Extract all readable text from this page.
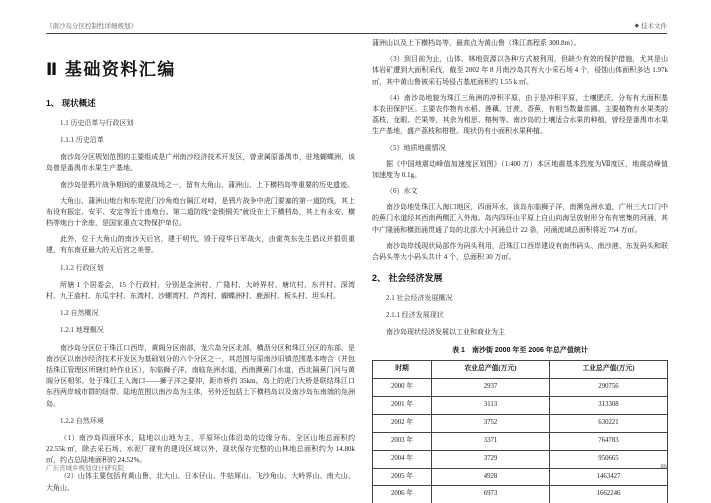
《南沙岛分区控制性详细规划》	◆ 技术文件
Ⅱ 基础资料汇编
1、 现状概述
1.1 历史沿革与行政区划
1.1.1 历史沿革

南沙岛分区规划范围的主要组成是广州南沙经济技术开发区，曾隶属原番禺市，驻地蝴蝶洲，该岛曾是番禺市水果生产基地。

南沙岛是鸦片战争期间的重要战场之一，留有大角山、蒲洲山、上下横档岛等重要的历史遗迹。

大角山、蒲洲山炮台和东莞虎门沙角炮台隔江对峙，是鸦片战争中虎门要塞的第一道防线，其上布设有振定、安平、安定等近十座炮台。第二道防线“金锁铜关”就设在上下横档岛，其上有永安、横档等炮台十余座，是国家重点文物保护单位。

此外，位于大角山的南沙天后宫，建于明代，毁于侵华日军战火，由霍英东先生倡议并捐资重建，有东南亚最大的天后宫之美誉。

1.1.2 行政区划

所辖 1 个居委会，15 个行政村，分别是金洲村、广隆村、大岭界村、塘坑村、东井村、深湾村、九王庙村、东瓜宇村、东湾村、沙螺湾村、芦湾村、蝴蝶洲村、鹿颈村、板头村、坦头村。

1.2 自然概况
1.2.1 地理概况

南沙岛分区位于珠江口西岸，黄阁分区南部，龙穴岛分区北部，横沥分区和珠江分区的东部，是南沙区以南沙经济技术开发区为基础划分的六个分区之一，其范围与原南沙旧镇范围基本吻合（并包括珠江管理区所辖红岭作业区），东临狮子洋，南临凫洲水道，西南濒蕉门水道，西北隔蕉门河与黄阁分区相邻。处于珠江主入海口——狮子洋之要冲，距市桥约 35km。岛上的虎门大桥是联结珠江口东西两岸城市群的纽带。陆地范围以南沙岛为主体，另外还包括上下横档岛以及南沙岛东南端的凫洲岛。

1.2.2 自然环境

（1）南沙岛四面环水，陆地以山地为主，平原环山体沿岛的边缘分布。全区山地总面积约 22.55k ㎡，除去采石场、水泥厂现有的建设区域以外，现状保存完整的山林地总面积约为 14.80k ㎡，约占总陆地面积的 24.52%。

（2）山体主要包括有黄山鲁、北大山、日本仔山、牛牯犀山、飞沙角山、大岭界山、南大山、大角山、

蒲洲山以及上下横档岛等，最高点为黄山鲁（珠江高程系 300.8m）。

（3）到目前为止，山体、林地资源以各种方式被利用，但缺少有效的保护措施，尤其是山体岩矿遭到大面积采伐，截至 2002 年 8 月南沙岛共有大小采石场 4 个，侵蚀山体面积多达 1.97k ㎡，其中黄山鲁被采石场侵占基底面积约 1.55 k ㎡。

（4）南沙岛地貌为珠江三角洲的冲积平原，由于是冲积平原，土壤肥沃，分布有大面积基本农田保护区。主要农作物有水稻、莲藕、甘蔗、香蕉，有相当数量苗圃。主要植物有水果类的荔枝、龙眼、芒果等，其余为相思、榕树等。南沙岛的土壤适合水果的种植，曾经是番禺市水果生产基地，盛产荔枝和柑橙。现状仍有小面积水果种植。

（5）地质地震情况

据《中国地震动峰值加速度区划图》（1:400 万）本区地震基本烈度为Ⅶ度区，地震动峰值加速度为 0.1g。

（6）水文

南沙岛地处珠江入海口地区，四面环水，该岛东临狮子洋，南濒凫洲水道，广州三大口门中的蕉门水道经其西南两侧汇入外海。岛内四环山平原上自山向海呈放射形分布有密集的河涌，其中广隆涌和横沥涌贯通了岛的北部大小河涌总计 22 条，河涌流域总面积将近 754 万㎡。

南沙岛岸线现状局部作为码头利用，沿珠江口西岸建设有南伟码头、南沙港、东发码头和联合码头等大小码头共计 4 个，总面积 30 万㎡。

2、 社会经济发展
2.1 社会经济发展概况
2.1.1 经济发展现状

南沙岛现状经济发展以工业和商业为主

表 1　南沙街 2000 年至 2006 年总产值统计
时期	农业总产值(万元)	工业总产值(万元)
2000 年	2937	290756
2001 年	3113	313308
2002 年	3752	630221
2003 年	3371	764783
2004 年	3729	950665
2005 年	4928	1463427
2006 年	6973	1662246
广东省城乡规划设计研究院	86
